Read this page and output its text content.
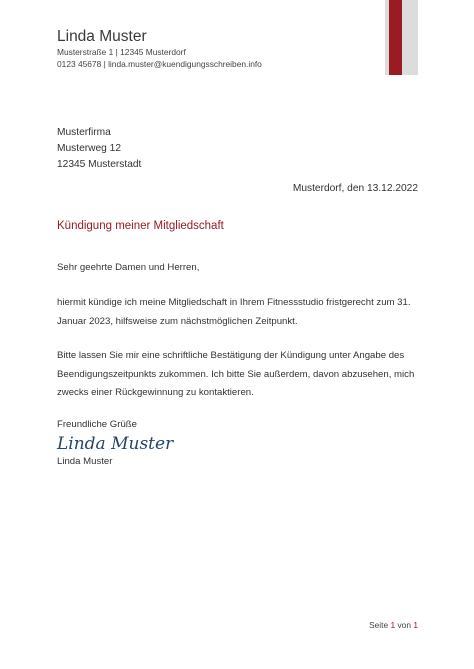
Linda Muster
Musterstraße 1 | 12345 Musterdorf
0123 45678 | linda.muster@kuendigungsschreiben.info
Musterfirma
Musterweg 12
12345 Musterstadt
Musterdorf, den 13.12.2022
Kündigung meiner Mitgliedschaft
Sehr geehrte Damen und Herren,
hiermit kündige ich meine Mitgliedschaft in Ihrem Fitnessstudio fristgerecht zum 31.
Januar 2023, hilfsweise zum nächstmöglichen Zeitpunkt.
Bitte lassen Sie mir eine schriftliche Bestätigung der Kündigung unter Angabe des
Beendigungszeitpunkts zukommen. Ich bitte Sie außerdem, davon abzusehen, mich
zwecks einer Rückgewinnung zu kontaktieren.
Freundliche Grüße
Linda Muster
Linda Muster
Seite 1 von 1
